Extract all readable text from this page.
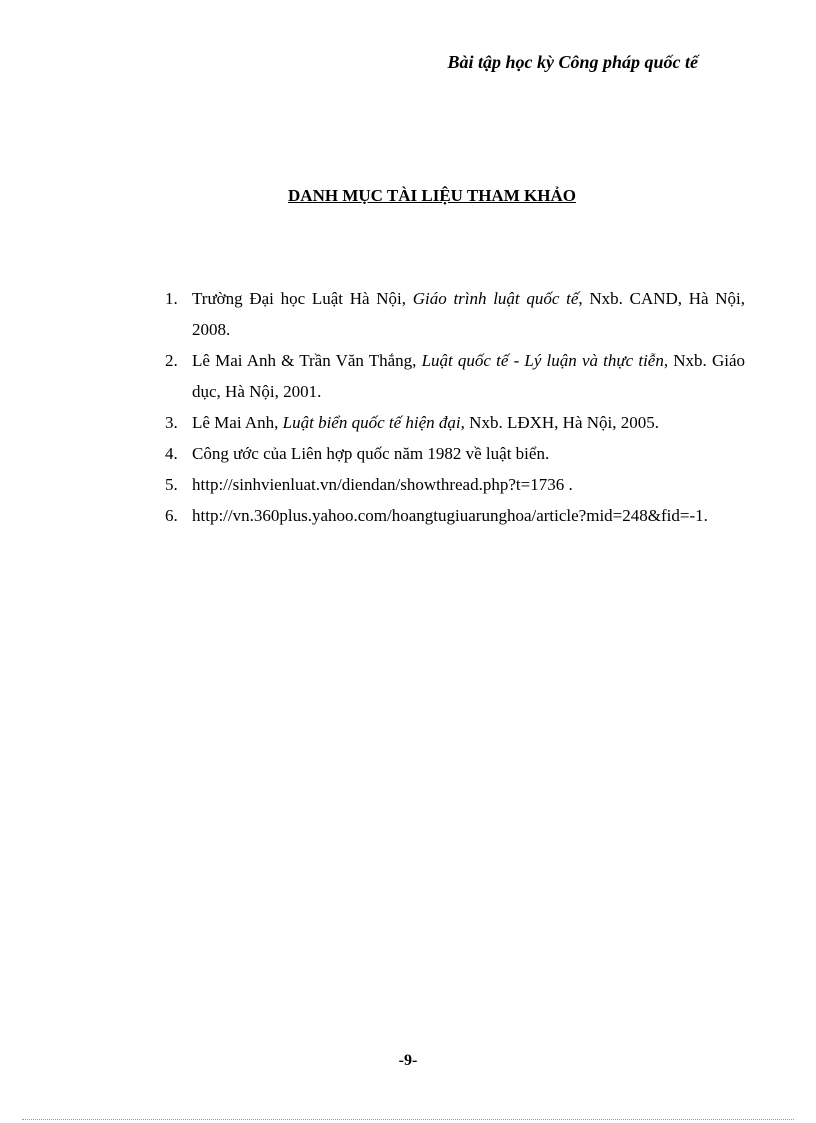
Bài tập học kỳ Công pháp quốc tế
DANH MỤC TÀI LIỆU THAM KHẢO
1 . Trường Đại học Luật Hà Nội, Giáo trình luật quốc tế, Nxb. CAND, Hà Nội, 2008.
2 . Lê Mai Anh & Trần Văn Thắng, Luật quốc tế - Lý luận và thực tiễn, Nxb. Giáo dục, Hà Nội, 2001.
3 . Lê Mai Anh, Luật biển quốc tế hiện đại, Nxb. LĐXH, Hà Nội, 2005.
4 . Công ước của Liên hợp quốc năm 1982 về luật biển.
5 . http://sinhvienluat.vn/diendan/showthread.php?t=1736 .
6 . http://vn.360plus.yahoo.com/hoangtugiuarunghoa/article?mid=248&fid=-1.
-9-
